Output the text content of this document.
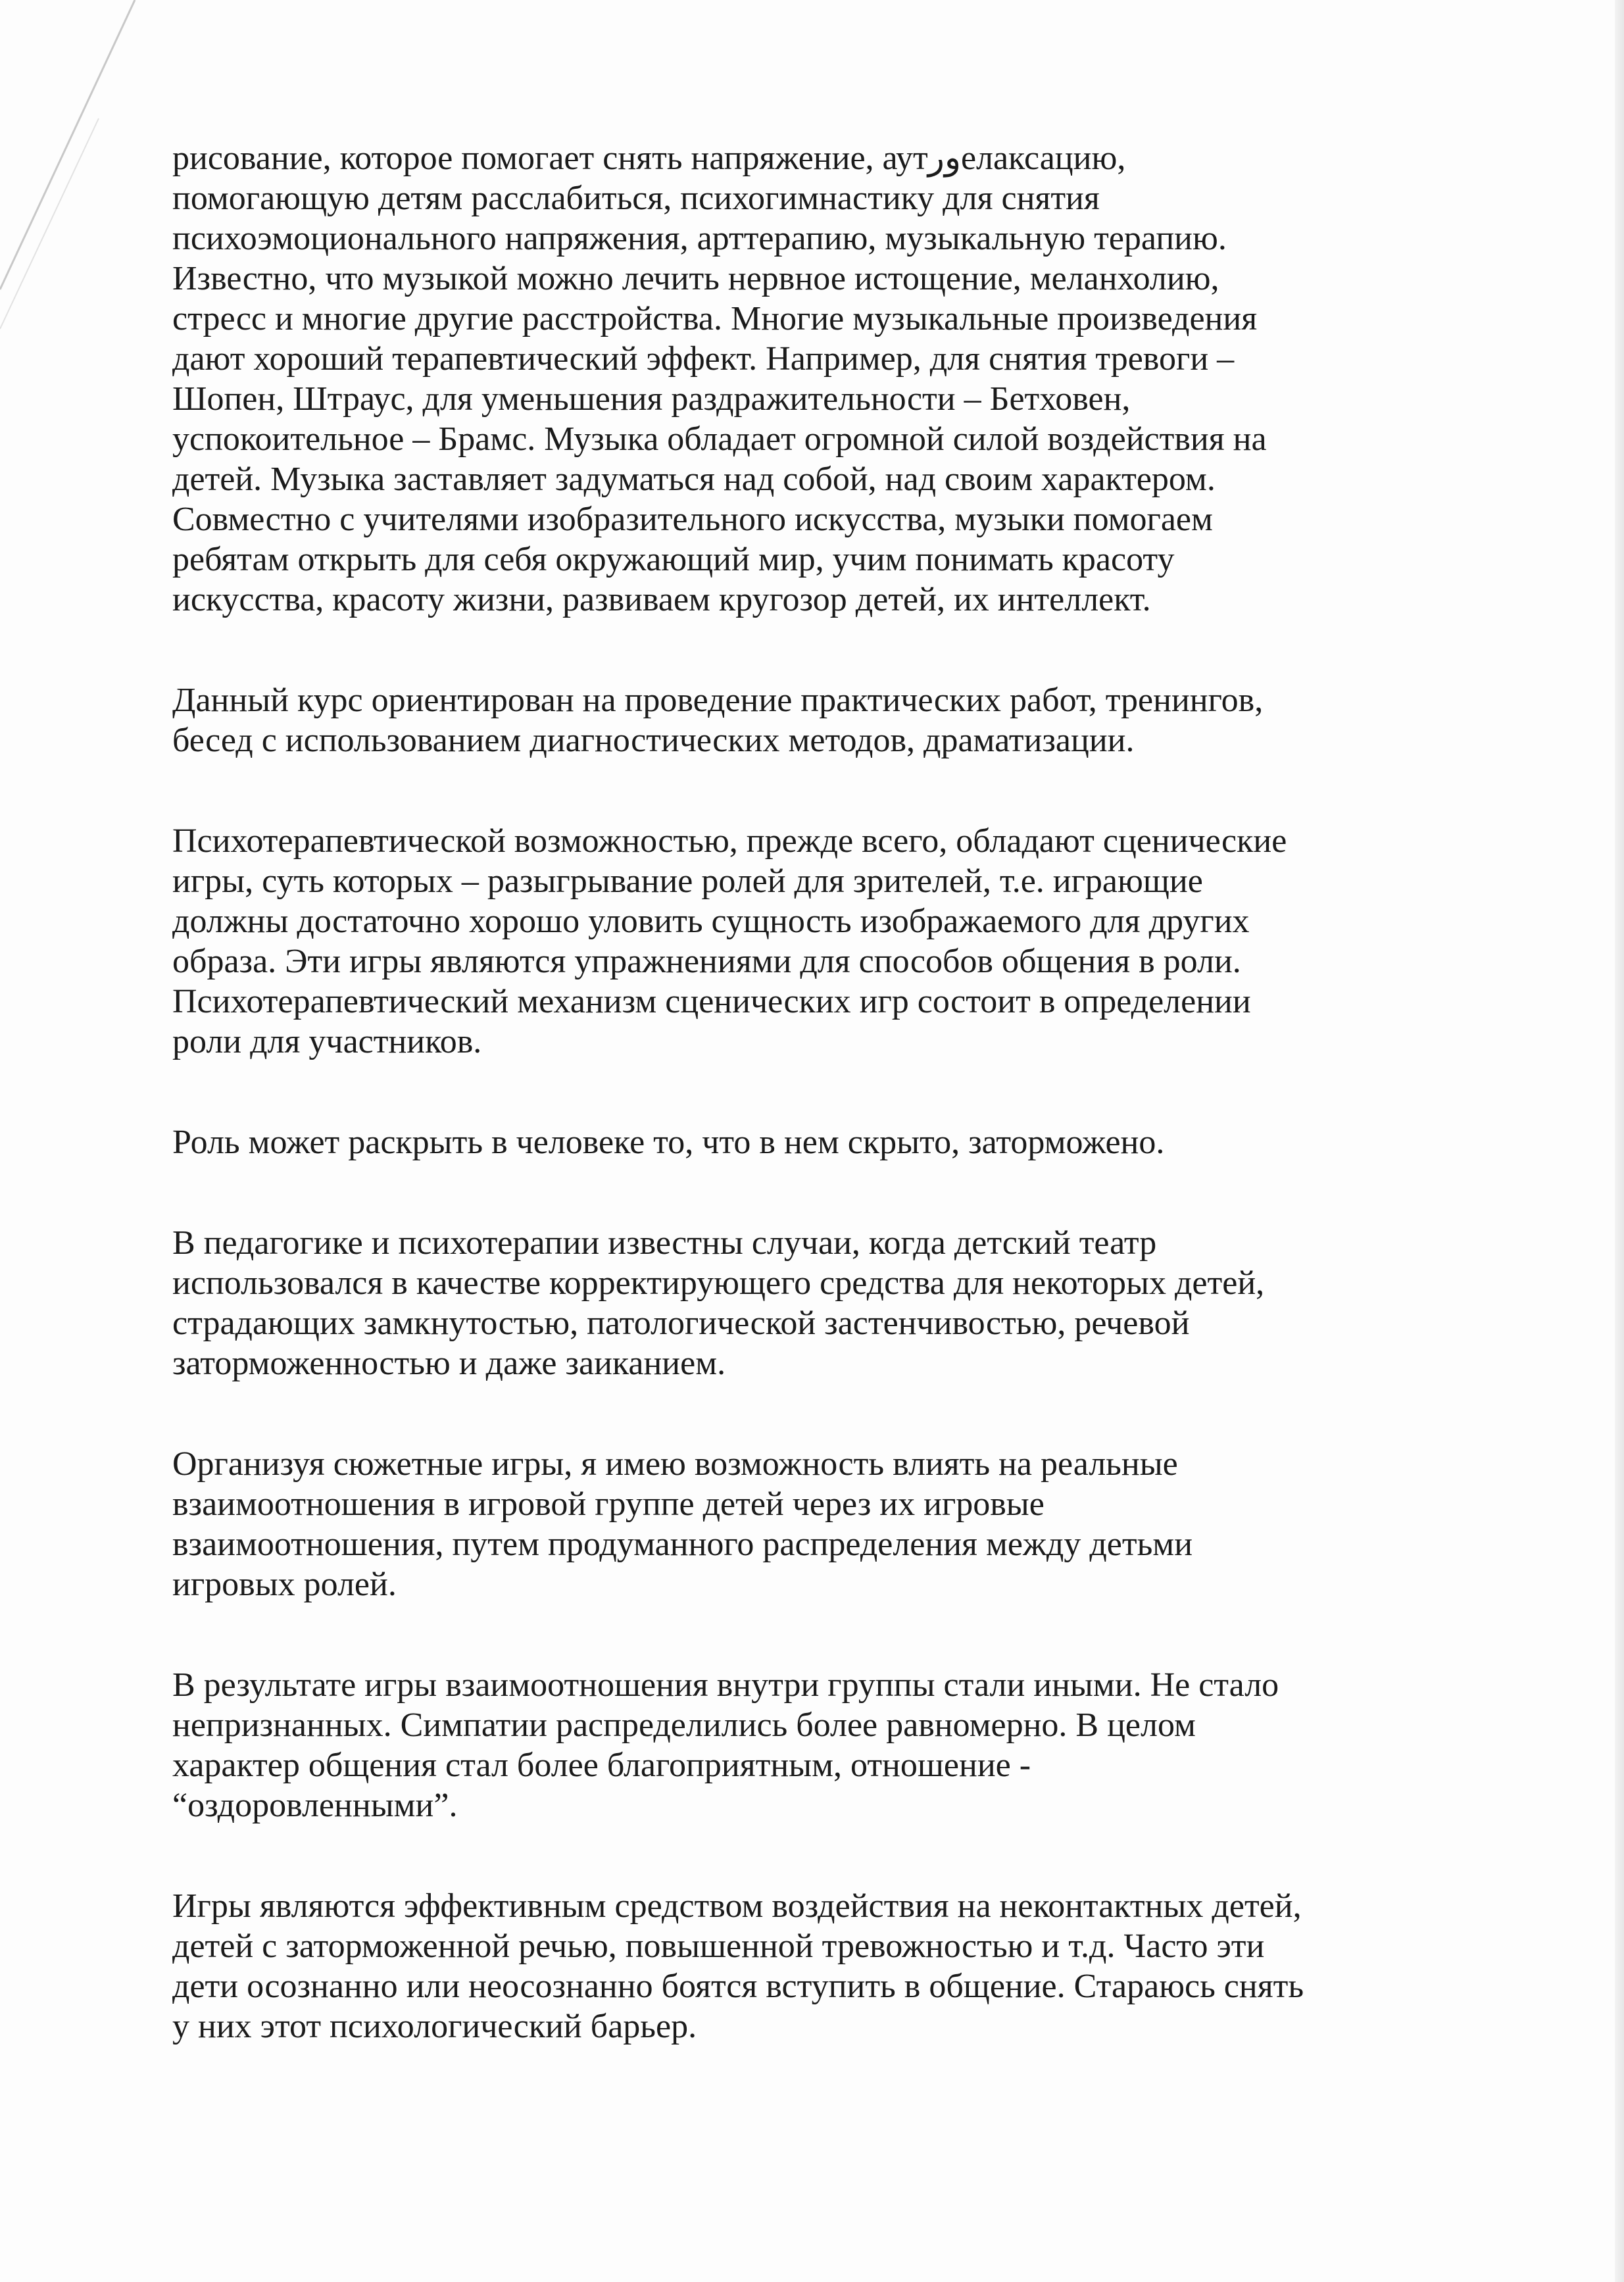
рисование, которое помогает снять напряжение, аутورелаксацию,
помогающую детям расслабиться, психогимнастику для снятия
психоэмоционального напряжения, арттерапию, музыкальную терапию.
Известно, что музыкой можно лечить нервное истощение, меланхолию,
стресс и многие другие расстройства. Многие музыкальные произведения
дают хороший терапевтический эффект. Например, для снятия тревоги –
Шопен, Штраус, для уменьшения раздражительности – Бетховен,
успокоительное – Брамс. Музыка обладает огромной силой воздействия на
детей. Музыка заставляет задуматься над собой, над своим характером.
Совместно с учителями изобразительного искусства, музыки помогаем
ребятам открыть для себя окружающий мир, учим понимать красоту
искусства, красоту жизни, развиваем кругозор детей, их интеллект.
Данный курс ориентирован на проведение практических работ, тренингов,
бесед с использованием диагностических методов, драматизации.
Психотерапевтической возможностью, прежде всего, обладают сценические
игры, суть которых – разыгрывание ролей для зрителей, т.е. играющие
должны достаточно хорошо уловить сущность изображаемого для других
образа. Эти игры являются упражнениями для способов общения в роли.
Психотерапевтический механизм сценических игр состоит в определении
роли для участников.
Роль может раскрыть в человеке то, что в нем скрыто, заторможено.
В педагогике и психотерапии известны случаи, когда детский театр
использовался в качестве корректирующего средства для некоторых детей,
страдающих замкнутостью, патологической застенчивостью, речевой
заторможенностью и даже заиканием.
Организуя сюжетные игры, я имею возможность влиять на реальные
взаимоотношения в игровой группе детей через их игровые
взаимоотношения, путем продуманного распределения между детьми
игровых ролей.
В результате игры взаимоотношения внутри группы стали иными. Не стало
непризнанных. Симпатии распределились более равномерно. В целом
характер общения стал более благоприятным, отношение -
“оздоровленными”.
Игры являются эффективным средством воздействия на неконтактных детей,
детей с заторможенной речью, повышенной тревожностью и т.д. Часто эти
дети осознанно или неосознанно боятся вступить в общение. Стараюсь снять
у них этот психологический барьер.
